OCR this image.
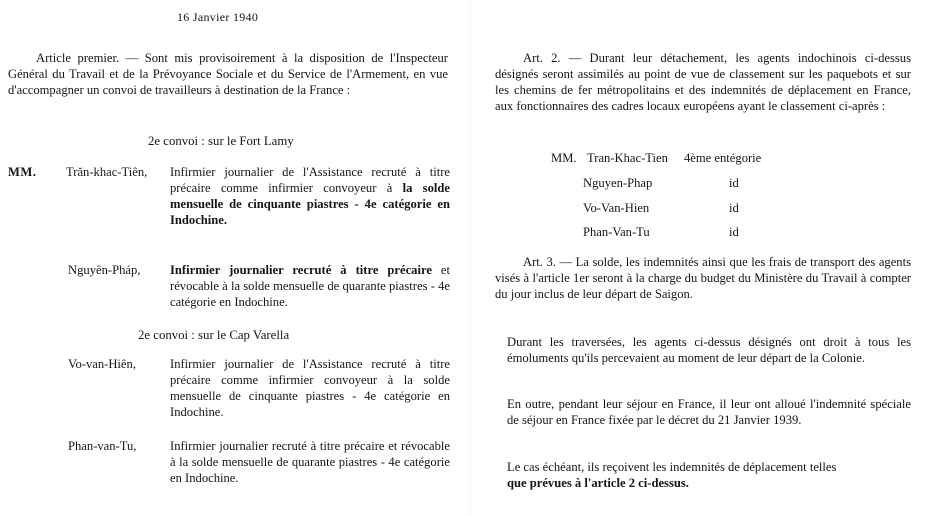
16 Janvier 1940
Article premier. — Sont mis provisoirement à la disposition de l'Inspecteur Général du Travail et de la Prévoyance Sociale et du Service de l'Armement, en vue d'accompagner un convoi de travailleurs à destination de la France :
2e convoi : sur le Fort Lamy
MM. Trăn-khac-Tiên, Infirmier journalier de l'Assistance recruté à titre précaire comme infirmier convoyeur à la solde mensuelle de cinquante piastres - 4e catégorie en Indochine.
Nguyên-Pháp, Infirmier journalier recruté à titre précaire et révocable à la solde mensuelle de quarante piastres - 4e catégorie en Indochine.
2e convoi : sur le Cap Varella
Vo-van-Hiên,	Infirmier journalier de l'Assistance recruté à titre précaire comme infirmier convoyeur à la solde mensuelle de cinquante piastres - 4e catégorie en Indochine.
Phan-van-Tu,	Infirmier journalier recruté à titre précaire et révocable à la solde mensuelle de quarante piastres - 4e catégorie en Indochine.
Art. 2. — Durant leur détachement, les agents indochinois ci-dessus désignés seront assimilés au point de vue de classement sur les paquebots et sur les chemins de fer métropolitains et des indemnités de déplacement en France, aux fonctionnaires des cadres locaux européens ayant le classement ci-après :
MM. Tran-Khac-Tien 4ème entégorie
Nguyen-Phap	id
Vo-Van-Hien	id
Phan-Van-Tu	id
Art. 3. — La solde, les indemnités ainsi que les frais de transport des agents visés à l'article 1er seront à la charge du budget du Ministère du Travail à compter du jour inclus de leur départ de Saigon.
Durant les traversées, les agents ci-dessus désignés ont droit à tous les émoluments qu'ils percevaient au moment de leur départ de la Colonie.
En outre, pendant leur séjour en France, il leur ont alloué l'indemnité spéciale de séjour en France fixée par le décret du 21 Janvier 1939.
Le cas échéant, ils reçoivent les indemnités de déplacement telles
que prévues à l'article 2 ci-dessus.
